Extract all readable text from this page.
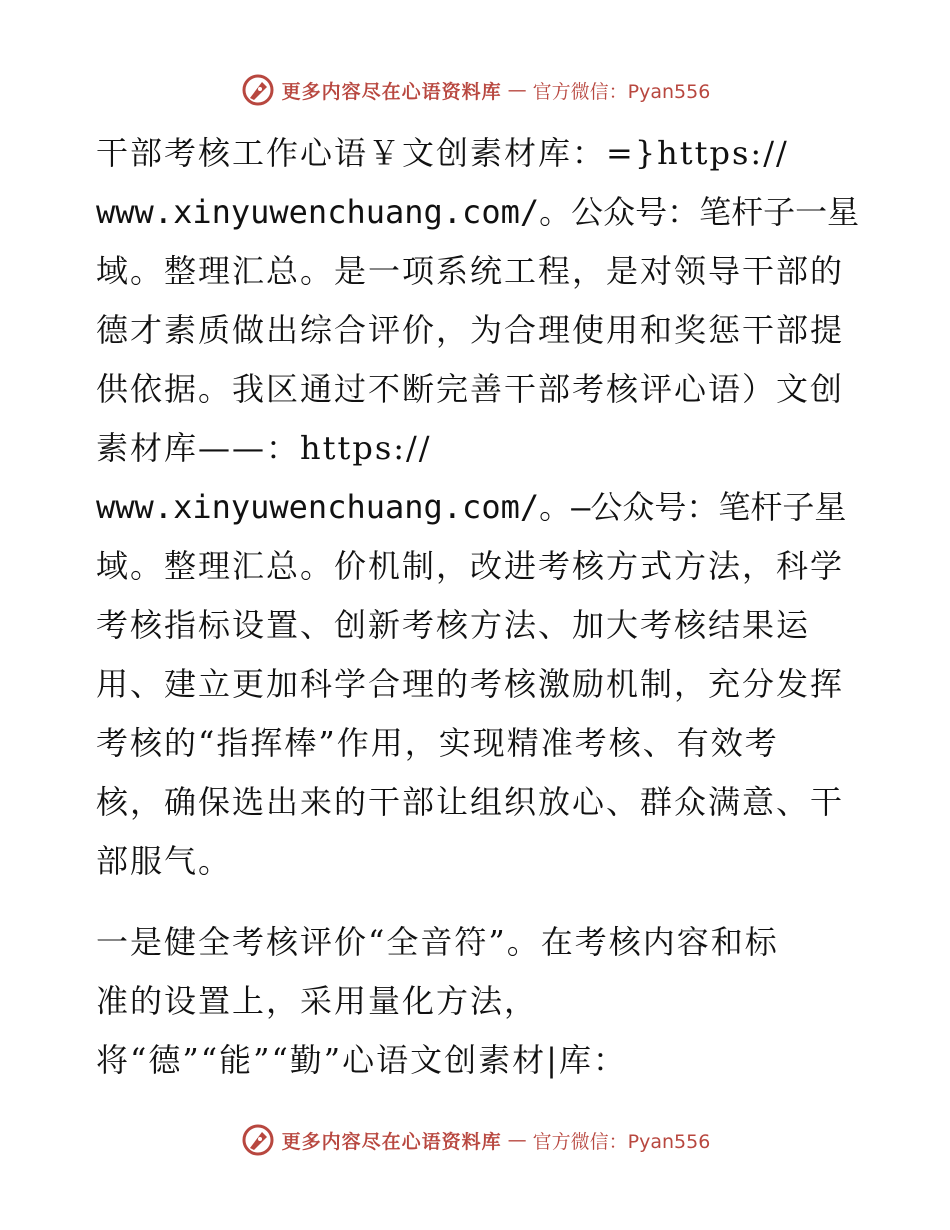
更多内容尽在心语资料库 — 官方微信：Pyan556
干部考核工作心语￥文创素材库：=}https://
www.xinyuwenchuang.com/。公众号：笔杆子一星
域。整理汇总。是一项系统工程，是对领导干部的
德才素质做出综合评价，为合理使用和奖惩干部提
供依据。我区通过不断完善干部考核评心语）文创
素材库——：https://
www.xinyuwenchuang.com/。—公众号：笔杆子星
域。整理汇总。价机制，改进考核方式方法，科学
考核指标设置、创新考核方法、加大考核结果运
用、建立更加科学合理的考核激励机制，充分发挥
考核的“指挥棒”作用，实现精准考核、有效考
核，确保选出来的干部让组织放心、群众满意、干
部服气。
一是健全考核评价“全音符”。在考核内容和标
准的设置上，采用量化方法，
将“德”“能”“勤”心语文创素材|库：
更多内容尽在心语资料库 — 官方微信：Pyan556
